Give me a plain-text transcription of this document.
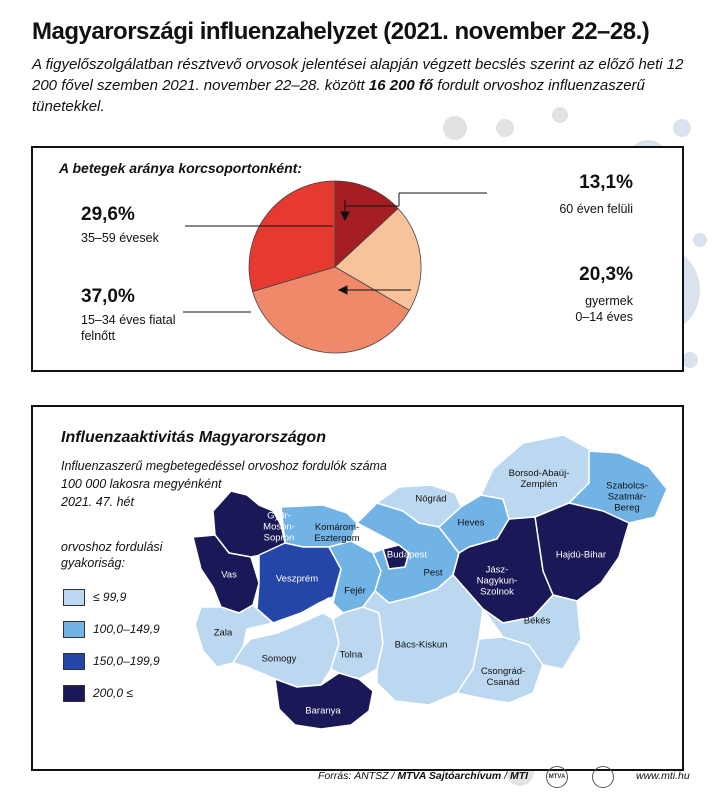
Magyarországi influenzahelyzet (2021. november 22–28.)
A figyelőszolgálatban résztvevő orvosok jelentései alapján végzett becslés szerint az előző heti 12 200 fővel szemben 2021. november 22–28. között 16 200 fő fordult orvoshoz influenzaszerű tünetekkel.
A betegek aránya korcsoportonként:
29,6%
35–59 évesek
37,0%
15–34 éves fiatal
felnőtt
13,1%
60 éven felüli
20,3%
gyermek
0–14 éves
Influenzaaktivitás Magyarországon
Influenzaszerű megbetegedéssel orvoshoz fordulók száma
100 000 lakosra megyénként
2021. 47. hét
orvoshoz fordulási
gyakoriság:
≤ 99,9
100,0–149,9
150,0–199,9
200,0 ≤
Győr-
Moson-
Sopron
Komárom-
Esztergom
Vas	Veszprém
Zala
Somogy
Fejér
Tolna
Baranya
Budapest
Pest
Nógrád
Heves
Borsod-Abaúj-
Zemplén	Szabolcs-
Szatmár-
Bereg
Hajdú-Bihar
Jász-
Nagykun-
Szolnok
Bács-Kiskun
Csongrád-
Csanád
Békés
Forrás: ÁNTSZ / MTVA Sajtóarchívum / MTI	MTVA	www.mti.hu
